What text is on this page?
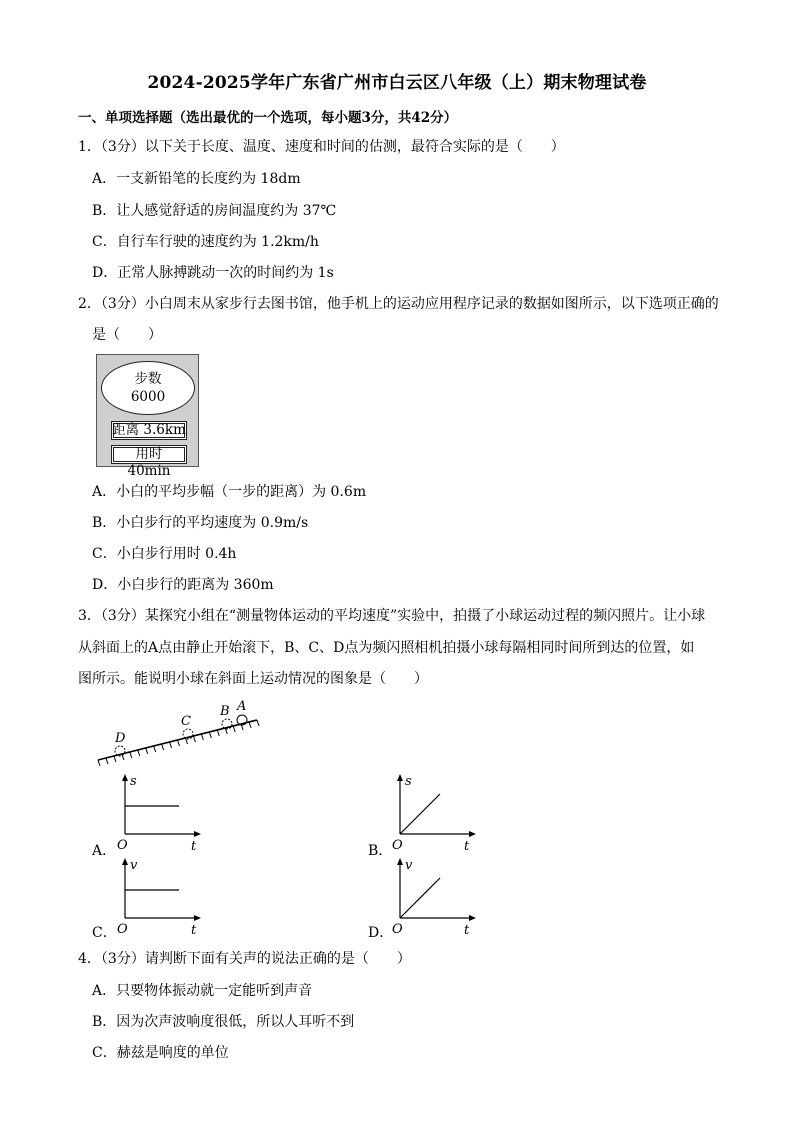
2024-2025学年广东省广州市白云区八年级（上）期末物理试卷
一、单项选择题（选出最优的一个选项，每小题3分，共42分）
1．（3分）以下关于长度、温度、速度和时间的估测，最符合实际的是（　　）
A．一支新铅笔的长度约为 18dm
B．让人感觉舒适的房间温度约为 37℃
C．自行车行驶的速度约为 1.2km/h
D．正常人脉搏跳动一次的时间约为 1s
2．（3分）小白周末从家步行去图书馆，他手机上的运动应用程序记录的数据如图所示，以下选项正确的
是（　　）
步数
6000
距离 3.6km
用时 40min
A．小白的平均步幅（一步的距离）为 0.6m
B．小白步行的平均速度为 0.9m/s
C．小白步行用时 0.4h
D．小白步行的距离为 360m
3．（3分）某探究小组在“测量物体运动的平均速度”实验中，拍摄了小球运动过程的频闪照片。让小球
从斜面上的A点由静止开始滚下，B、C、D点为频闪照相机拍摄小球每隔相同时间所到达的位置，如
图所示。能说明小球在斜面上运动情况的图象是（　　）
D
C
B A
A．
s
O	t	B．
s
O	t
C．
v
O	t	D．
v
O	t
4．（3分）请判断下面有关声的说法正确的是（　　）
A．只要物体振动就一定能听到声音
B．因为次声波响度很低，所以人耳听不到
C．赫兹是响度的单位
